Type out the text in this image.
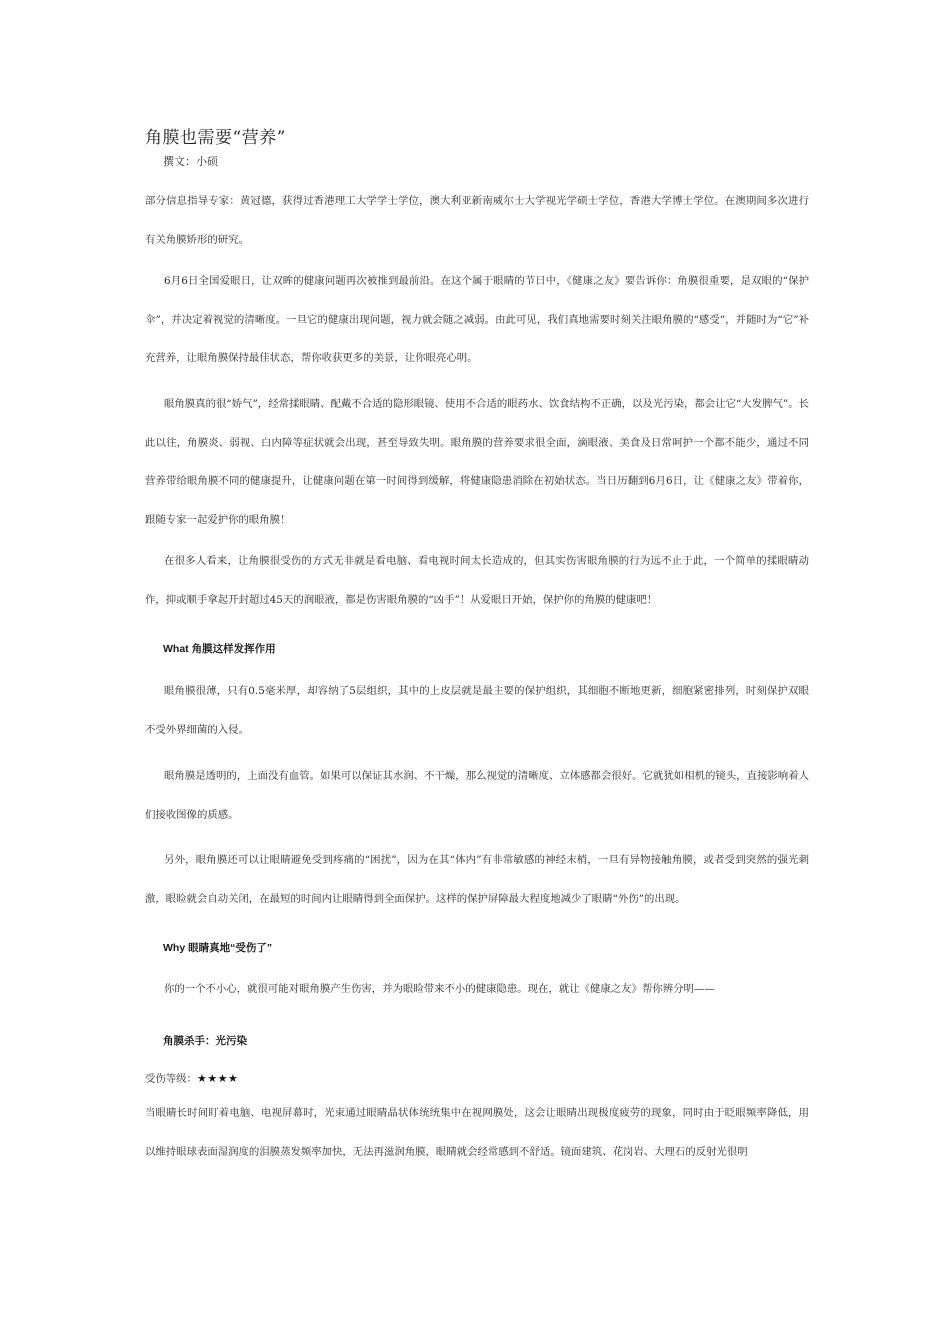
角膜也需要“营养”
撰文：小硕

部分信息指导专家：黄冠德，获得过香港理工大学学士学位，澳大利亚新南威尔士大学视光学硕士学位，香港大学博士学位。在澳期间多次进行有关角膜矫形的研究。

6月6日全国爱眼日，让双眸的健康问题再次被推到最前沿。在这个属于眼睛的节日中，《健康之友》要告诉你：角膜很重要，是双眼的“保护伞”，并决定着视觉的清晰度。一旦它的健康出现问题，视力就会随之减弱。由此可见，我们真地需要时刻关注眼角膜的“感受”，并随时为“它”补充营养，让眼角膜保持最佳状态，帮你收获更多的美景，让你眼亮心明。

眼角膜真的很“娇气”，经常揉眼睛、配戴不合适的隐形眼镜、使用不合适的眼药水、饮食结构不正确，以及光污染，都会让它“大发脾气”。长此以往，角膜炎、弱视、白内障等症状就会出现，甚至导致失明。眼角膜的营养要求很全面，滴眼液、美食及日常呵护一个都不能少，通过不同营养带给眼角膜不同的健康提升，让健康问题在第一时间得到缓解，将健康隐患消除在初始状态。当日历翻到6月6日，让《健康之友》带着你，跟随专家一起爱护你的眼角膜！

在很多人看来，让角膜很受伤的方式无非就是看电脑、看电视时间太长造成的，但其实伤害眼角膜的行为远不止于此，一个简单的揉眼睛动作，抑或顺手拿起开封超过45天的润眼液，都是伤害眼角膜的“凶手”！从爱眼日开始，保护你的角膜的健康吧！

What 角膜这样发挥作用

眼角膜很薄，只有0.5毫米厚，却容纳了5层组织，其中的上皮层就是最主要的保护组织，其细胞不断地更新，细胞紧密排列，时刻保护双眼不受外界细菌的入侵。

眼角膜是透明的，上面没有血管。如果可以保证其水润、不干燥，那么视觉的清晰度、立体感都会很好。它就犹如相机的镜头，直接影响着人们接收图像的质感。

另外，眼角膜还可以让眼睛避免受到疼痛的“困扰”，因为在其“体内”有非常敏感的神经末梢，一旦有异物接触角膜，或者受到突然的强光刺激，眼睑就会自动关闭，在最短的时间内让眼睛得到全面保护。这样的保护屏障最大程度地减少了眼睛“外伤”的出现。

Why 眼睛真地“受伤了”

你的一个不小心，就很可能对眼角膜产生伤害，并为眼睑带来不小的健康隐患。现在，就让《健康之友》帮你辨分明——

角膜杀手：光污染
受伤等级：★★★★

当眼睛长时间盯着电脑、电视屏幕时，光束通过眼睛晶状体统统集中在视网膜处，这会让眼睛出现极度疲劳的现象，同时由于眨眼频率降低，用以维持眼球表面湿润度的泪膜蒸发频率加快，无法再滋润角膜，眼睛就会经常感到不舒适。镜面建筑、花岗岩、大理石的反射光很明
